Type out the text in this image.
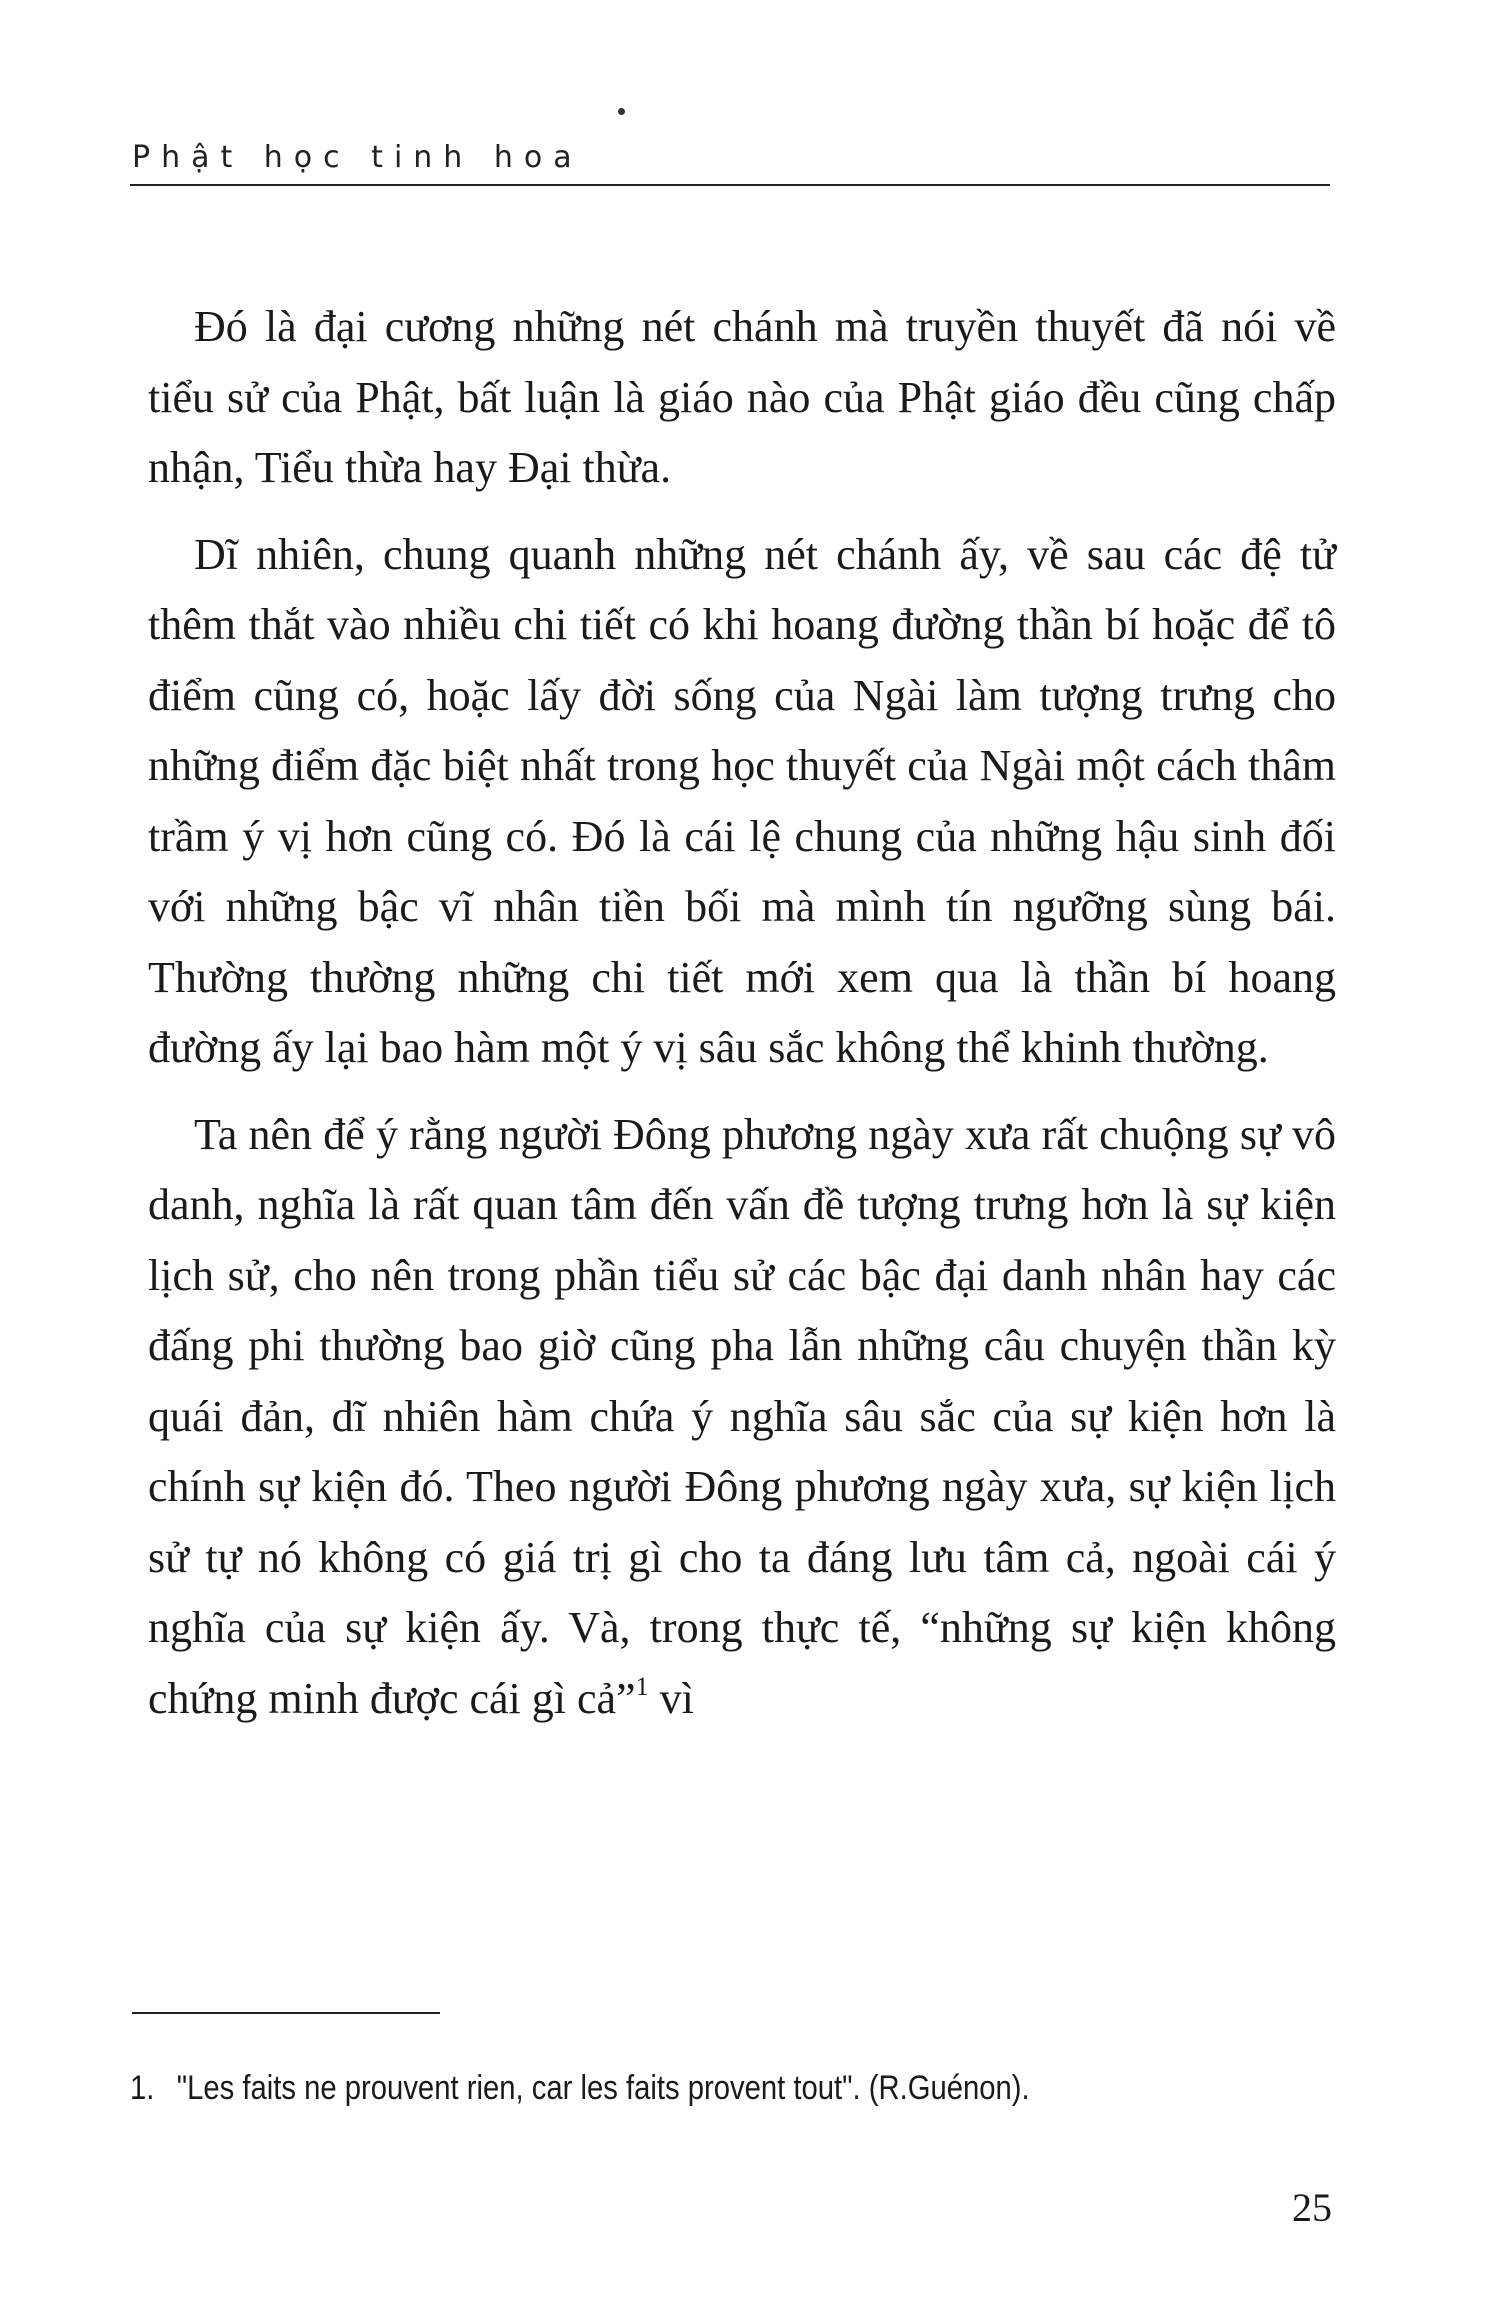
Phật học tinh hoa

Đó là đại cương những nét chánh mà truyền thuyết đã nói về tiểu sử của Phật, bất luận là giáo nào của Phật giáo đều cũng chấp nhận, Tiểu thừa hay Đại thừa.

Dĩ nhiên, chung quanh những nét chánh ấy, về sau các đệ tử thêm thắt vào nhiều chi tiết có khi hoang đường thần bí hoặc để tô điểm cũng có, hoặc lấy đời sống của Ngài làm tượng trưng cho những điểm đặc biệt nhất trong học thuyết của Ngài một cách thâm trầm ý vị hơn cũng có. Đó là cái lệ chung của những hậu sinh đối với những bậc vĩ nhân tiền bối mà mình tín ngưỡng sùng bái. Thường thường những chi tiết mới xem qua là thần bí hoang đường ấy lại bao hàm một ý vị sâu sắc không thể khinh thường.

Ta nên để ý rằng người Đông phương ngày xưa rất chuộng sự vô danh, nghĩa là rất quan tâm đến vấn đề tượng trưng hơn là sự kiện lịch sử, cho nên trong phần tiểu sử các bậc đại danh nhân hay các đấng phi thường bao giờ cũng pha lẫn những câu chuyện thần kỳ quái đản, dĩ nhiên hàm chứa ý nghĩa sâu sắc của sự kiện hơn là chính sự kiện đó. Theo người Đông phương ngày xưa, sự kiện lịch sử tự nó không có giá trị gì cho ta đáng lưu tâm cả, ngoài cái ý nghĩa của sự kiện ấy. Và, trong thực tế, “những sự kiện không chứng minh được cái gì cả”$^1$ vì

1. "Les faits ne prouvent rien, car les faits provent tout". (R.Guénon).
25
